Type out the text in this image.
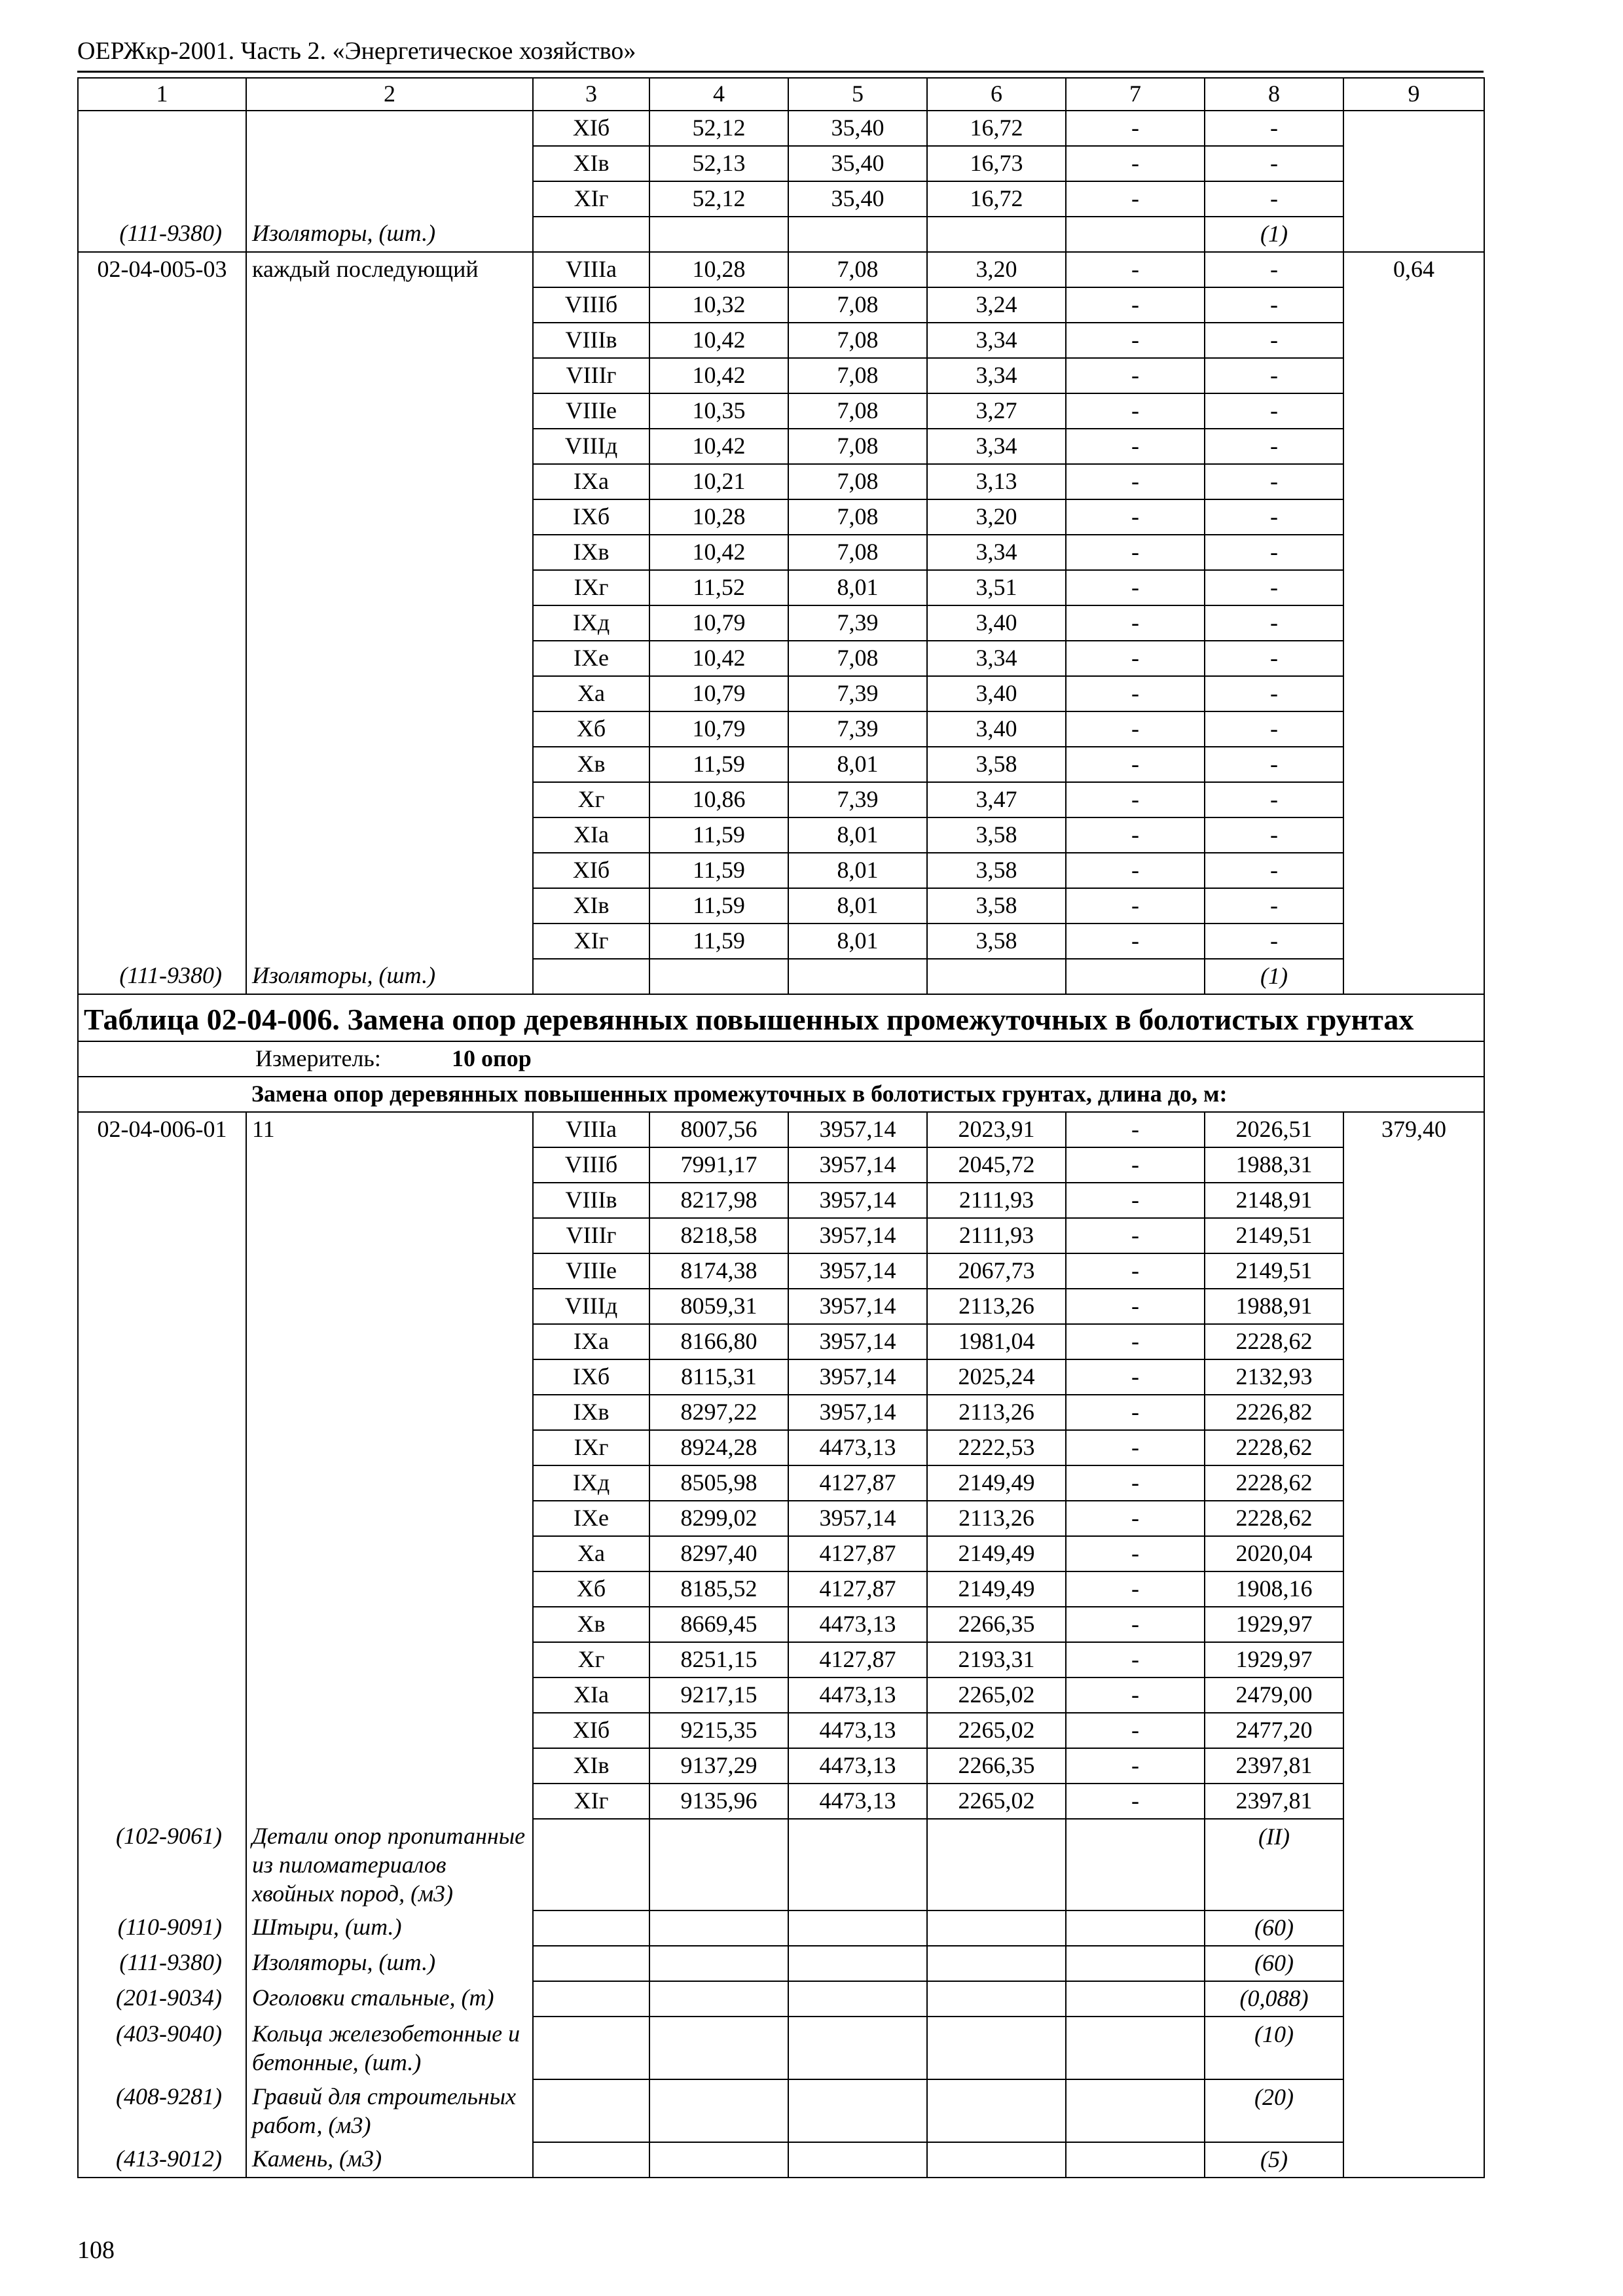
ОЕРЖкр-2001. Часть 2. «Энергетическое хозяйство»
1	2	3	4	5	6	7	8	9
		XIб	52,12	35,40	16,72	-	-	
		XIв	52,13	35,40	16,73	-	-	
		XIг	52,12	35,40	16,72	-	-	
(111-9380)	Изоляторы, (шт.)						(1)	
02-04-005-03	каждый последующий	VIIIа	10,28	7,08	3,20	-	-	0,64
		VIIIб	10,32	7,08	3,24	-	-	
		VIIIв	10,42	7,08	3,34	-	-	
		VIIIг	10,42	7,08	3,34	-	-	
		VIIIе	10,35	7,08	3,27	-	-	
		VIIIд	10,42	7,08	3,34	-	-	
		IXа	10,21	7,08	3,13	-	-	
		IXб	10,28	7,08	3,20	-	-	
		IXв	10,42	7,08	3,34	-	-	
		IXг	11,52	8,01	3,51	-	-	
		IXд	10,79	7,39	3,40	-	-	
		IXе	10,42	7,08	3,34	-	-	
		Xа	10,79	7,39	3,40	-	-	
		Xб	10,79	7,39	3,40	-	-	
		Xв	11,59	8,01	3,58	-	-	
		Xг	10,86	7,39	3,47	-	-	
		XIа	11,59	8,01	3,58	-	-	
		XIб	11,59	8,01	3,58	-	-	
		XIв	11,59	8,01	3,58	-	-	
		XIг	11,59	8,01	3,58	-	-	
(111-9380)	Изоляторы, (шт.)						(1)	
Таблица 02-04-006. Замена опор деревянных повышенных промежуточных в болотистых грунтах								
Измеритель: 10 опор								
	Замена опор деревянных повышенных промежуточных в болотистых грунтах, длина до, м:							
02-04-006-01	11	VIIIа	8007,56	3957,14	2023,91	-	2026,51	379,40
		VIIIб	7991,17	3957,14	2045,72	-	1988,31	
		VIIIв	8217,98	3957,14	2111,93	-	2148,91	
		VIIIг	8218,58	3957,14	2111,93	-	2149,51	
		VIIIе	8174,38	3957,14	2067,73	-	2149,51	
		VIIIд	8059,31	3957,14	2113,26	-	1988,91	
		IXа	8166,80	3957,14	1981,04	-	2228,62	
		IXб	8115,31	3957,14	2025,24	-	2132,93	
		IXв	8297,22	3957,14	2113,26	-	2226,82	
		IXг	8924,28	4473,13	2222,53	-	2228,62	
		IXд	8505,98	4127,87	2149,49	-	2228,62	
		IXе	8299,02	3957,14	2113,26	-	2228,62	
		Xа	8297,40	4127,87	2149,49	-	2020,04	
		Xб	8185,52	4127,87	2149,49	-	1908,16	
		Xв	8669,45	4473,13	2266,35	-	1929,97	
		Xг	8251,15	4127,87	2193,31	-	1929,97	
		XIа	9217,15	4473,13	2265,02	-	2479,00	
		XIб	9215,35	4473,13	2265,02	-	2477,20	
		XIв	9137,29	4473,13	2266,35	-	2397,81	
		XIг	9135,96	4473,13	2265,02	-	2397,81	
(102-9061)	Детали опор пропитанные из пиломатериалов хвойных пород, (м3)						(II)	
(110-9091)	Штыри, (шт.)						(60)	
(111-9380)	Изоляторы, (шт.)						(60)	
(201-9034)	Оголовки стальные, (т)						(0,088)	
(403-9040)	Кольца железобетонные и бетонные, (шт.)						(10)	
(408-9281)	Гравий для строительных работ, (м3)						(20)	
(413-9012)	Камень, (м3)						(5)	
108
